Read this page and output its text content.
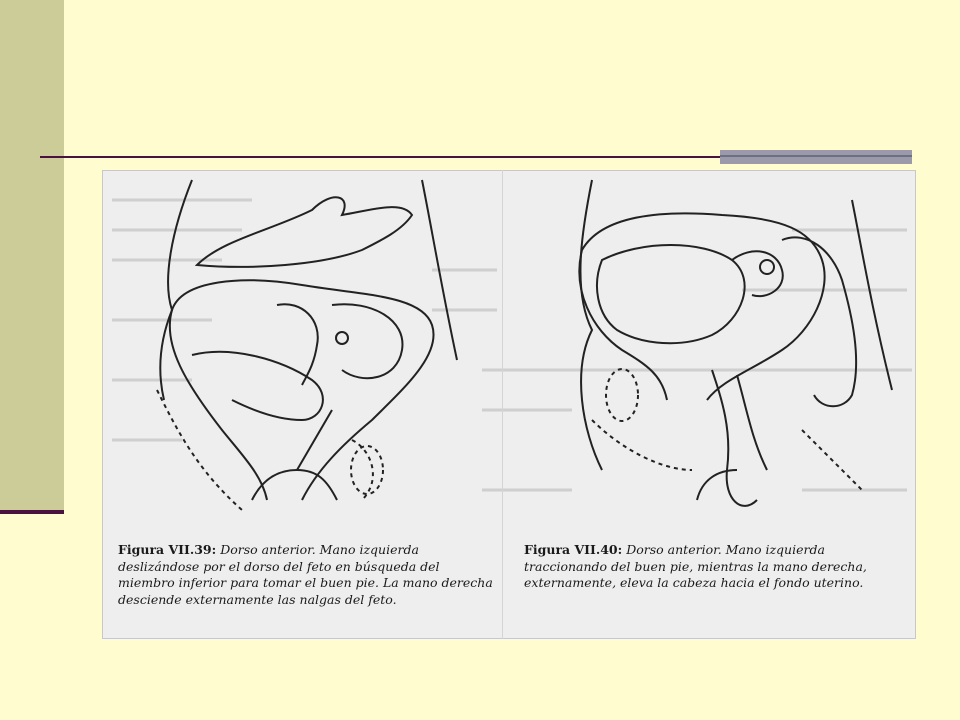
Figura VII.39: Dorso anterior. Mano izquierda deslizándose por el dorso del feto en búsqueda del miembro inferior para tomar el buen pie. La mano derecha desciende externamente las nalgas del feto.
Figura VII.40: Dorso anterior. Mano izquierda traccionando del buen pie, mientras la mano derecha, externamente, eleva la cabeza hacia el fondo uterino.
